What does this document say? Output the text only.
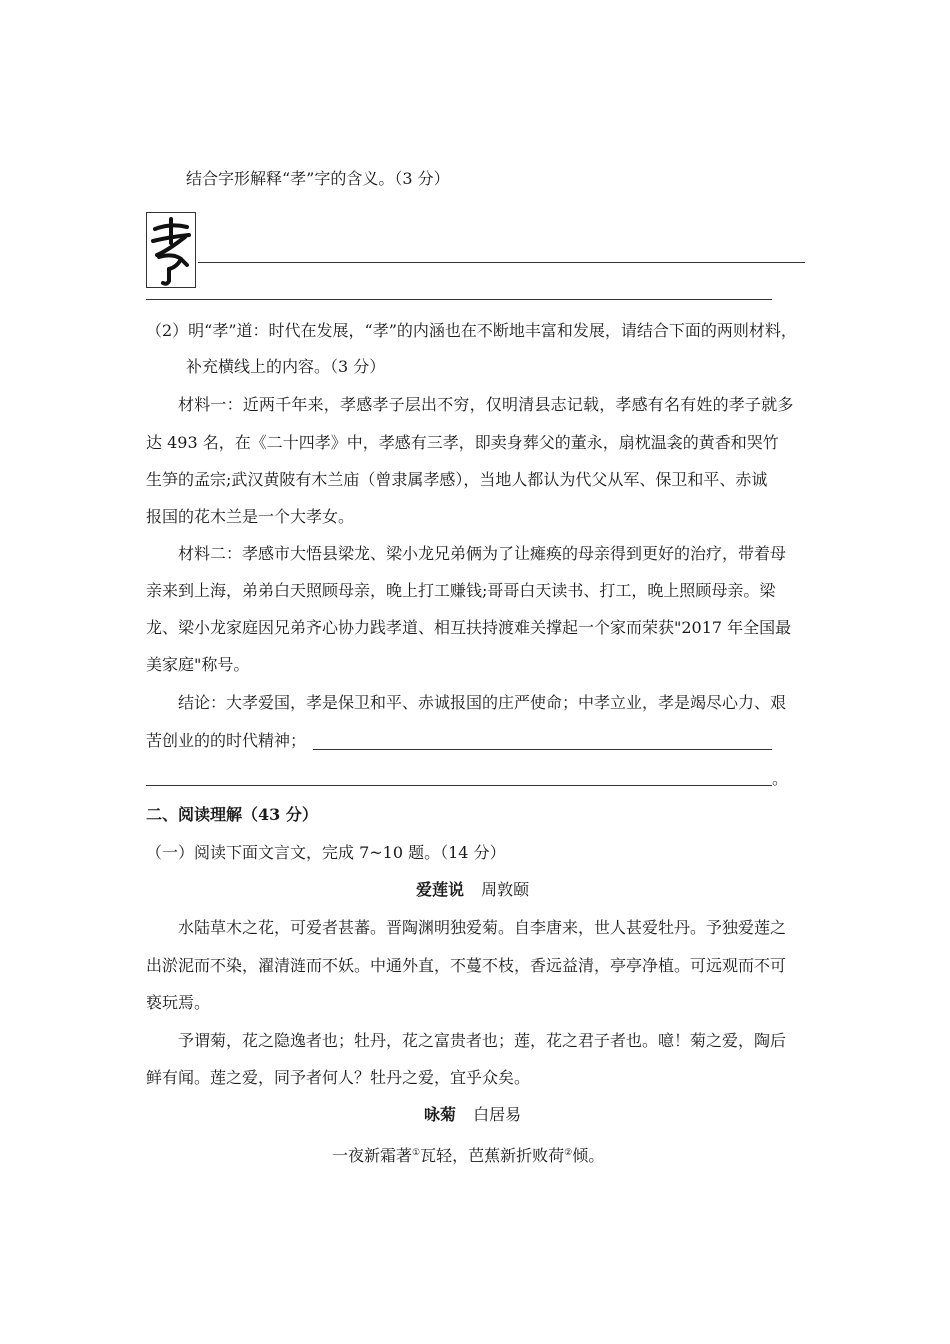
结合字形解释“孝”字的含义。（3 分）
（2）明“孝”道：时代在发展，“孝”的内涵也在不断地丰富和发展，请结合下面的两则材料，
补充横线上的内容。（3 分）
材料一：近两千年来，孝感孝子层出不穷，仅明清县志记载，孝感有名有姓的孝子就多
达 493 名，在《二十四孝》中，孝感有三孝，即卖身葬父的董永，扇枕温衾的黄香和哭竹
生笋的孟宗;武汉黄陂有木兰庙（曾隶属孝感），当地人都认为代父从军、保卫和平、赤诚
报国的花木兰是一个大孝女。
材料二：孝感市大悟县梁龙、梁小龙兄弟俩为了让瘫痪的母亲得到更好的治疗，带着母
亲来到上海，弟弟白天照顾母亲，晚上打工赚钱;哥哥白天读书、打工，晚上照顾母亲。梁
龙、梁小龙家庭因兄弟齐心协力践孝道、相互扶持渡难关撑起一个家而荣获"2017 年全国最
美家庭"称号。
结论：大孝爱国，孝是保卫和平、赤诚报国的庄严使命；中孝立业，孝是竭尽心力、艰
苦创业的的时代精神；
。
二、阅读理解（43 分）
（一）阅读下面文言文，完成 7~10 题。（14 分）
爱莲说 周敦颐
水陆草木之花，可爱者甚蕃。晋陶渊明独爱菊。自李唐来，世人甚爱牡丹。予独爱莲之
出淤泥而不染，濯清涟而不妖。中通外直，不蔓不枝，香远益清，亭亭净植。可远观而不可
亵玩焉。
予谓菊，花之隐逸者也；牡丹，花之富贵者也；莲，花之君子者也。噫！菊之爱，陶后
鲜有闻。莲之爱，同予者何人？牡丹之爱，宜乎众矣。
咏菊 白居易
一夜新霜著①瓦轻，芭蕉新折败荷②倾。
